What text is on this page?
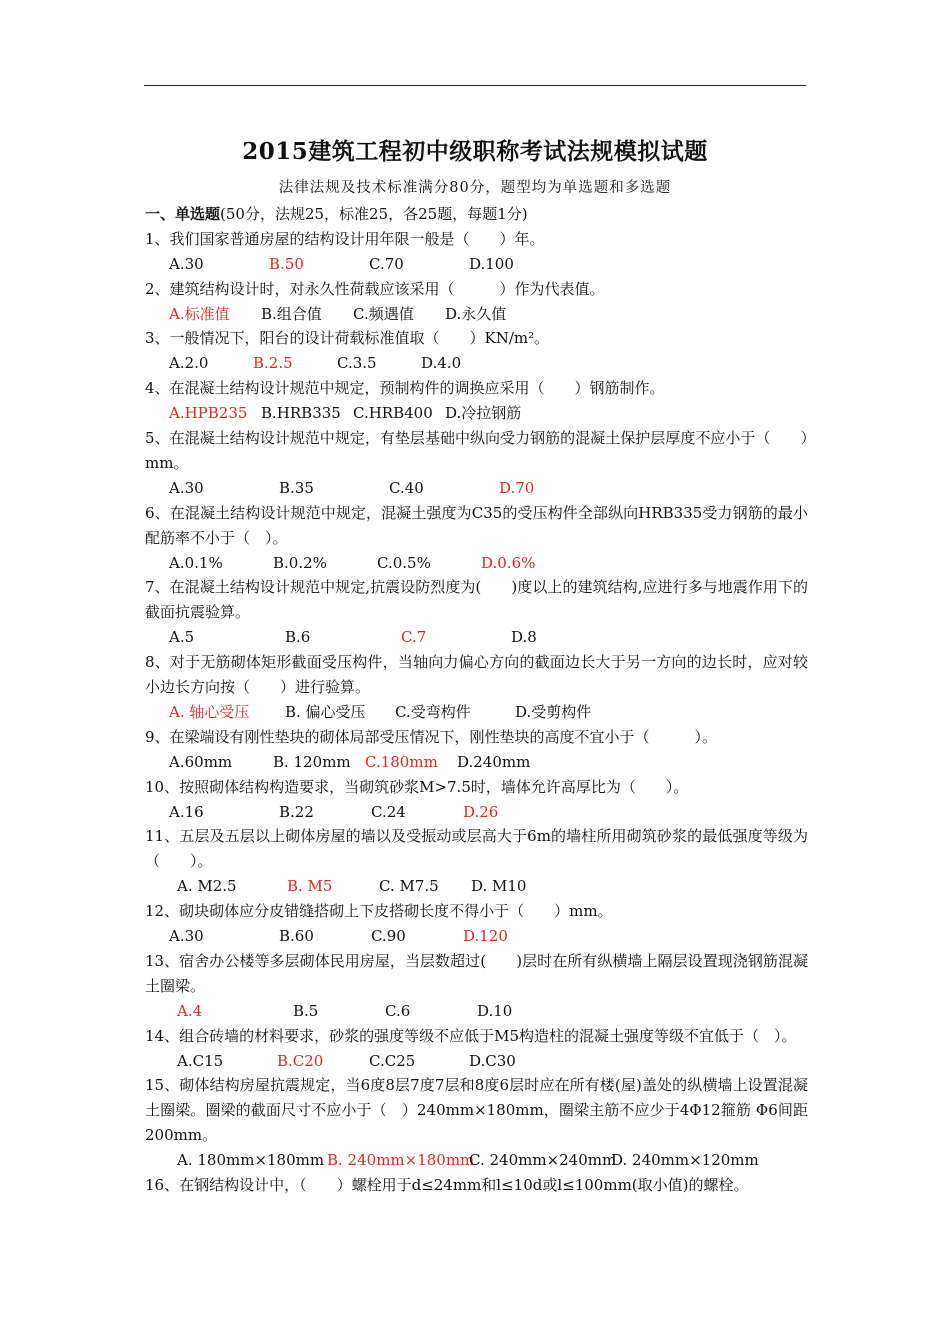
2015建筑工程初中级职称考试法规模拟试题
法律法规及技术标准满分80分，题型均为单选题和多选题
一、单选题(50分，法规25，标准25，各25题，每题1分)
1、我们国家普通房屋的结构设计用年限一般是（　　）年。
A.30	B.50	C.70	D.100
2、建筑结构设计时，对永久性荷载应该采用（　　　）作为代表值。
A.标准值 B.组合值 C.频遇值 D.永久值
3、一般情况下，阳台的设计荷载标准值取（　　）KN/m²。
A.2.0	B.2.5	C.3.5	D.4.0
4、在混凝土结构设计规范中规定，预制构件的调换应采用（　　）钢筋制作。
A.HPB235 B.HRB335 C.HRB400 D.冷拉钢筋
5、在混凝土结构设计规范中规定，有垫层基础中纵向受力钢筋的混凝土保护层厚度不应小于（　　）mm。
A.30	B.35	C.40	D.70
6、在混凝土结构设计规范中规定，混凝土强度为C35的受压构件全部纵向HRB335受力钢筋的最小配筋率不小于（　）。
A.0.1%	B.0.2%	C.0.5%	D.0.6%
7、在混凝土结构设计规范中规定,抗震设防烈度为(　　)度以上的建筑结构,应进行多与地震作用下的截面抗震验算。
A.5	B.6	C.7	D.8
8、对于无筋砌体矩形截面受压构件，当轴向力偏心方向的截面边长大于另一方向的边长时，应对较小边长方向按（　　）进行验算。
A. 轴心受压 B. 偏心受压 C.受弯构件	D.受剪构件
9、在梁端设有刚性垫块的砌体局部受压情况下，刚性垫块的高度不宜小于（　　　）。
A.60mm	B. 120mm C.180mm D.240mm
10、按照砌体结构构造要求，当砌筑砂浆M>7.5时，墙体允许高厚比为（　　）。
A.16	B.22	C.24	D.26
11、五层及五层以上砌体房屋的墙以及受振动或层高大于6m的墙柱所用砌筑砂浆的最低强度等级为（　　）。
A. M2.5	B. M5	C. M7.5 D. M10
12、砌块砌体应分皮错缝搭砌上下皮搭砌长度不得小于（　　）mm。
A.30	B.60	C.90	D.120
13、宿舍办公楼等多层砌体民用房屋，当层数超过(　　)层时在所有纵横墙上隔层设置现浇钢筋混凝土圈梁。
A.4	B.5	C.6	D.10
14、组合砖墙的材料要求，砂浆的强度等级不应低于M5构造柱的混凝土强度等级不宜低于（　）。
A.C15	B.C20	C.C25	D.C30
15、砌体结构房屋抗震规定，当6度8层7度7层和8度6层时应在所有楼(屋)盖处的纵横墙上设置混凝土圈梁。圈梁的截面尺寸不应小于（　）240mm×180mm，圈梁主筋不应少于4Φ12箍筋 Φ6间距200mm。
A. 180mm×180mm B. 240mm×180mmC. 240mm×240mmD. 240mm×120mm
16、在钢结构设计中，（　　）螺栓用于d≤24mm和l≤10d或l≤100mm(取小值)的螺栓。
